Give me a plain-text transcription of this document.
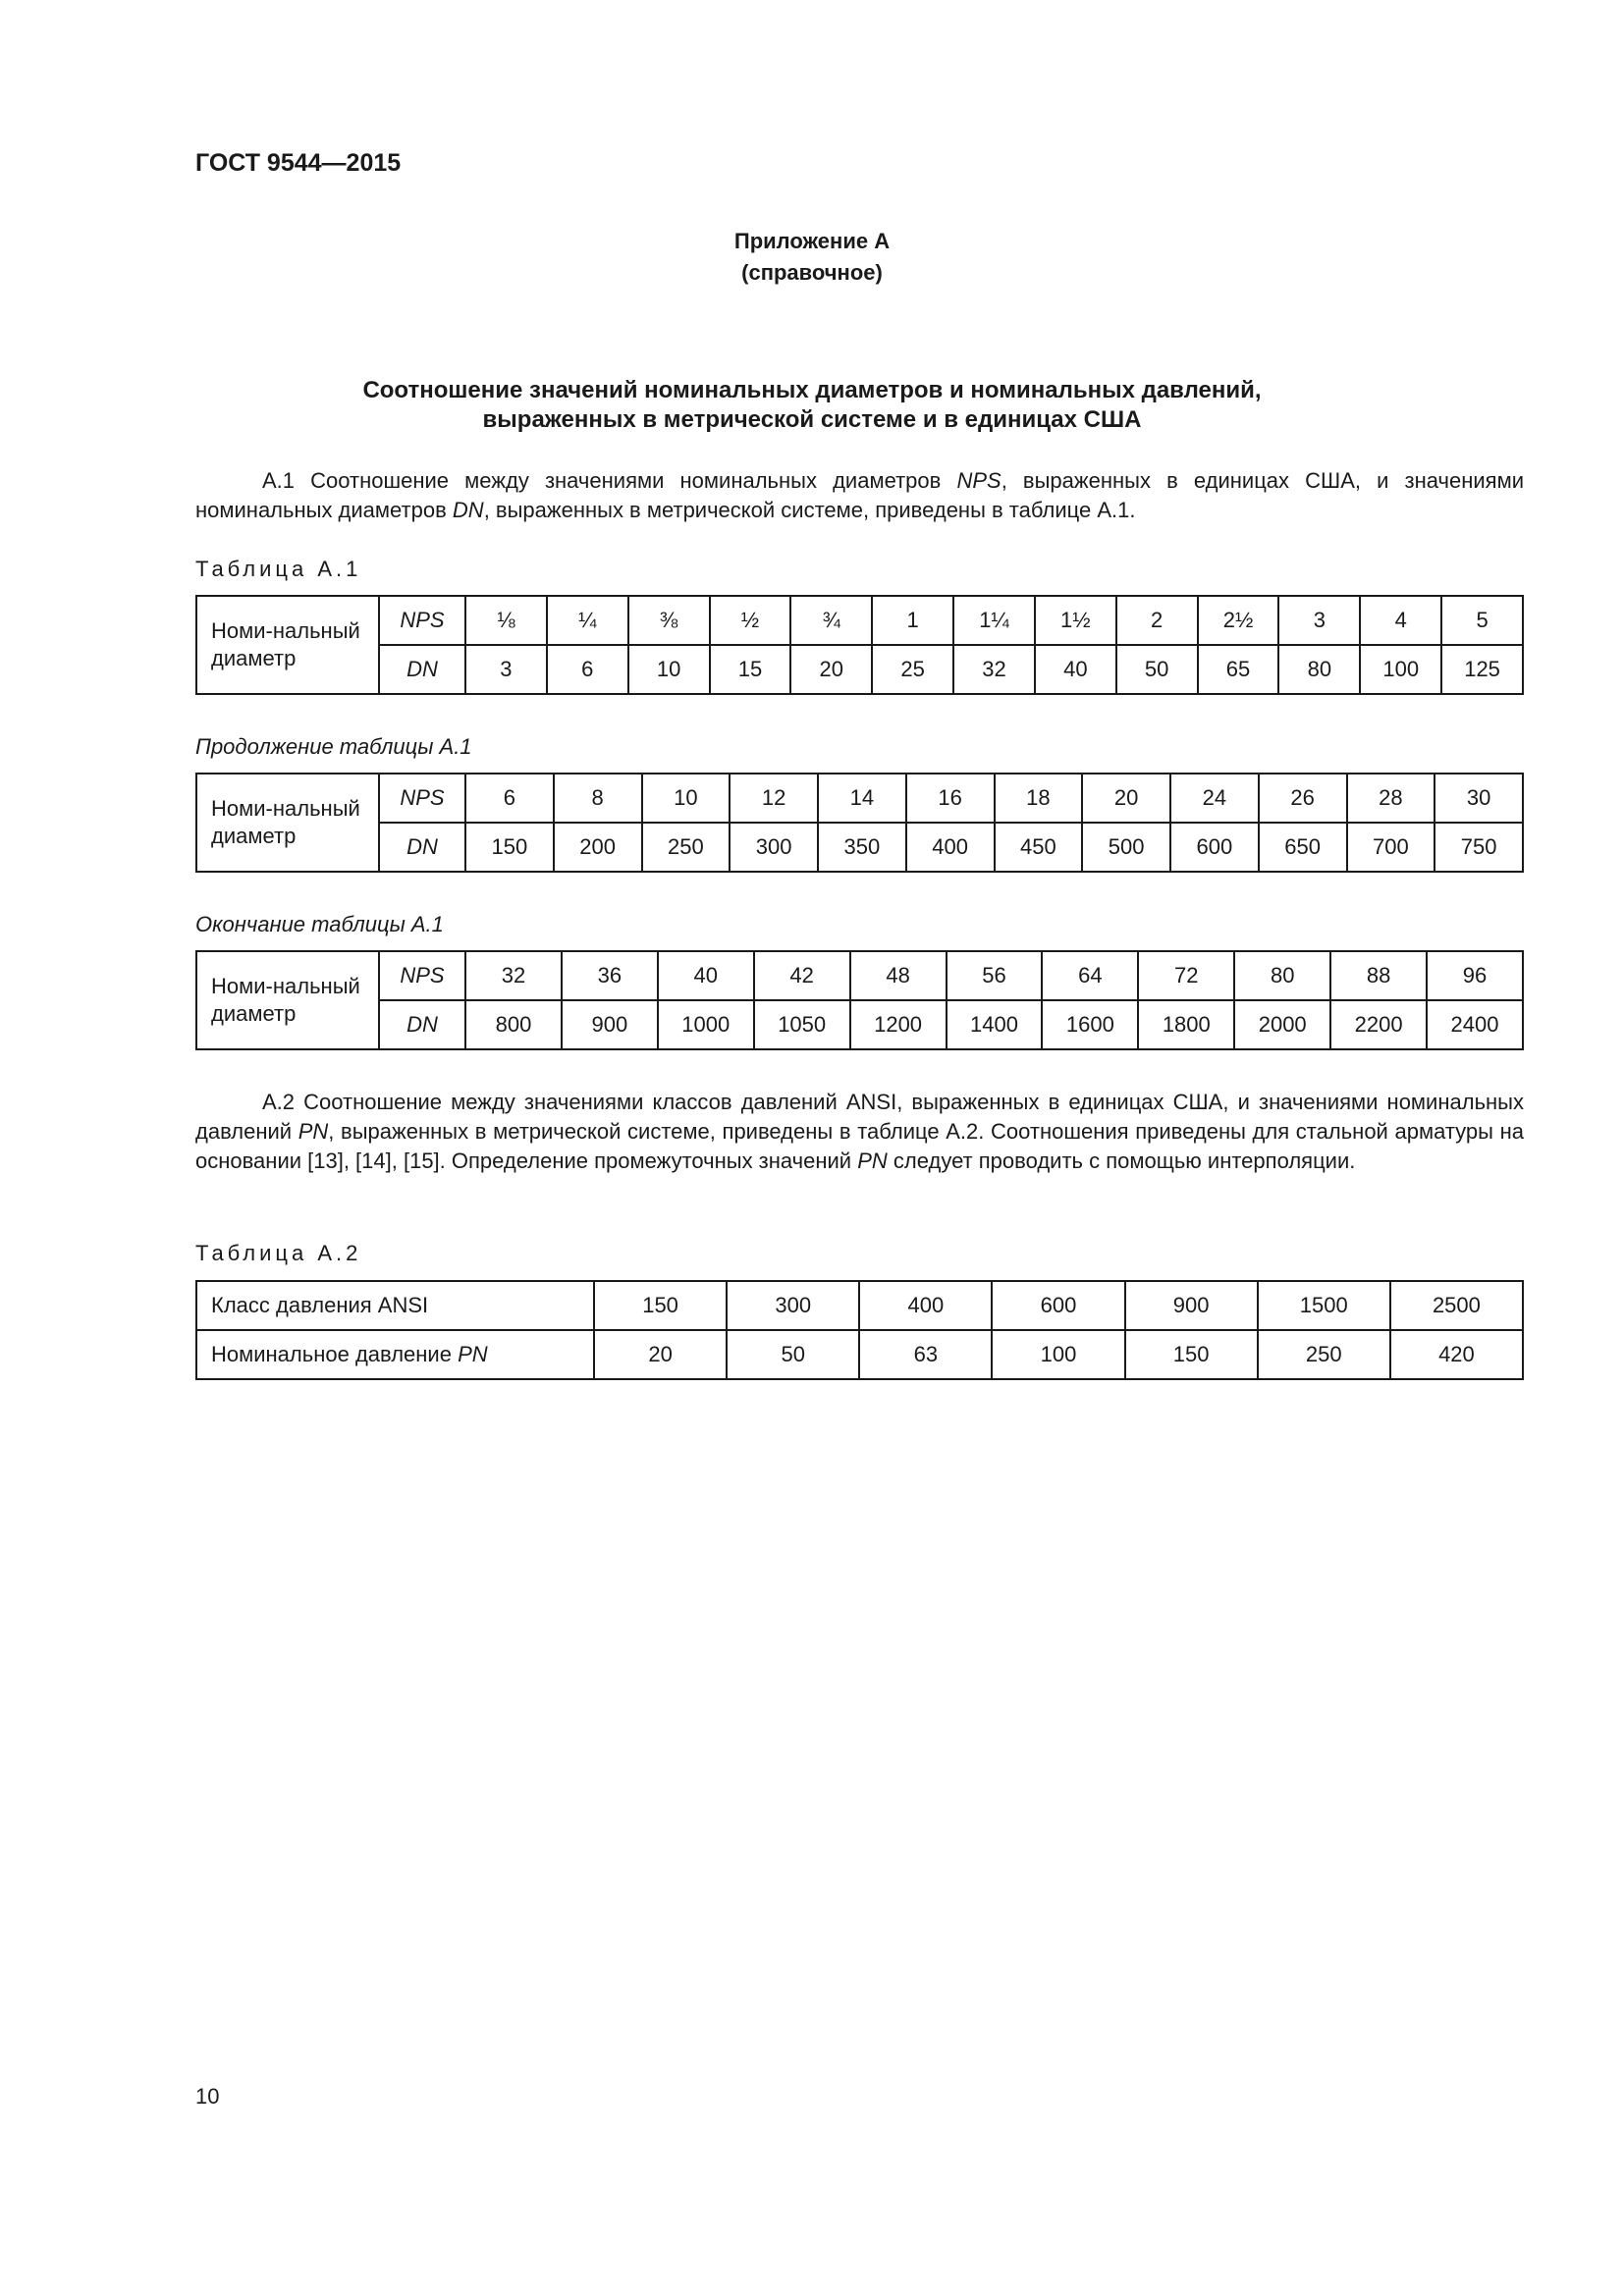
ГОСТ 9544—2015
Приложение А
(справочное)
Соотношение значений номинальных диаметров и номинальных давлений,
выраженных в метрической системе и в единицах США
А.1 Соотношение между значениями номинальных диаметров NPS, выраженных в единицах США, и значениями номинальных диаметров DN, выраженных в метрической системе, приведены в таблице А.1.
Таблица А.1
Номи-нальный диаметр	NPS	⅛	¼	⅜	½	¾	1	1¼	1½	2	2½	3	4	5
	DN	3	6	10	15	20	25	32	40	50	65	80	100	125
Продолжение таблицы А.1
Номи-нальный диаметр	NPS	6	8	10	12	14	16	18	20	24	26	28	30
	DN	150	200	250	300	350	400	450	500	600	650	700	750
Окончание таблицы А.1
Номи-нальный диаметр	NPS	32	36	40	42	48	56	64	72	80	88	96
	DN	800	900	1000	1050	1200	1400	1600	1800	2000	2200	2400
А.2 Соотношение между значениями классов давлений ANSI, выраженных в единицах США, и значениями номинальных давлений PN, выраженных в метрической системе, приведены в таблице А.2. Соотношения приведены для стальной арматуры на основании [13], [14], [15]. Определение промежуточных значений PN следует проводить с помощью интерполяции.
Таблица А.2
Класс давления ANSI	150	300	400	600	900	1500	2500
Номинальное давление PN	20	50	63	100	150	250	420
10
